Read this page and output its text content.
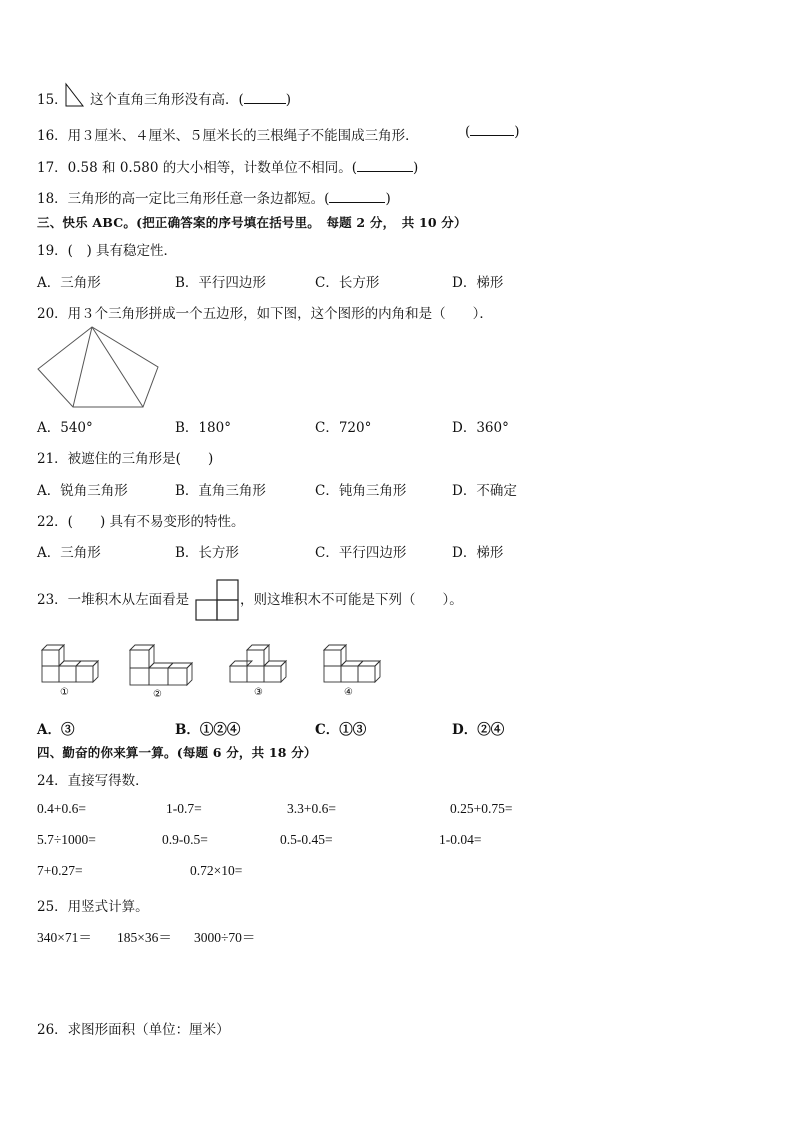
15． 这个直角三角形没有高．(	)
16．用３厘米、４厘米、５厘米长的三根绳子不能围成三角形．	(	)
17．0.58 和 0.580 的大小相等，计数单位不相同。(	)
18．三角形的高一定比三角形任意一条边都短。(	)
三、快乐 ABC。(把正确答案的序号填在括号里。　每题 2 分，　共 10 分）
19．(　) 具有稳定性．
A．三角形	B．平行四边形	C．长方形	D．梯形
20．用３个三角形拼成一个五边形，如下图，这个图形的内角和是（　　）．
A．540°	B．180°	C．720°	D．360°
21．被遮住的三角形是(　　)
A．锐角三角形	B．直角三角形	C．钝角三角形	D．不确定
22．(　　) 具有不易变形的特性。
A．三角形	B．长方形	C．平行四边形	D．梯形
23．一堆积木从左面看是	，则这堆积木不可能是下列（　　）。
①	②	③	④
A．③	B．①②④	C．①③	D．②④
四、勤奋的你来算一算。(每题 6 分，共 18 分）
24．直接写得数．
0.4+0.6=	1-0.7=	3.3+0.6=	0.25+0.75=
5.7÷1000=	0.9-0.5=	0.5-0.45=	1-0.04=
7+0.27=	0.72×10=
25．用竖式计算。
340×71＝ 185×36＝ 3000÷70＝
26．求图形面积（单位：厘米）
